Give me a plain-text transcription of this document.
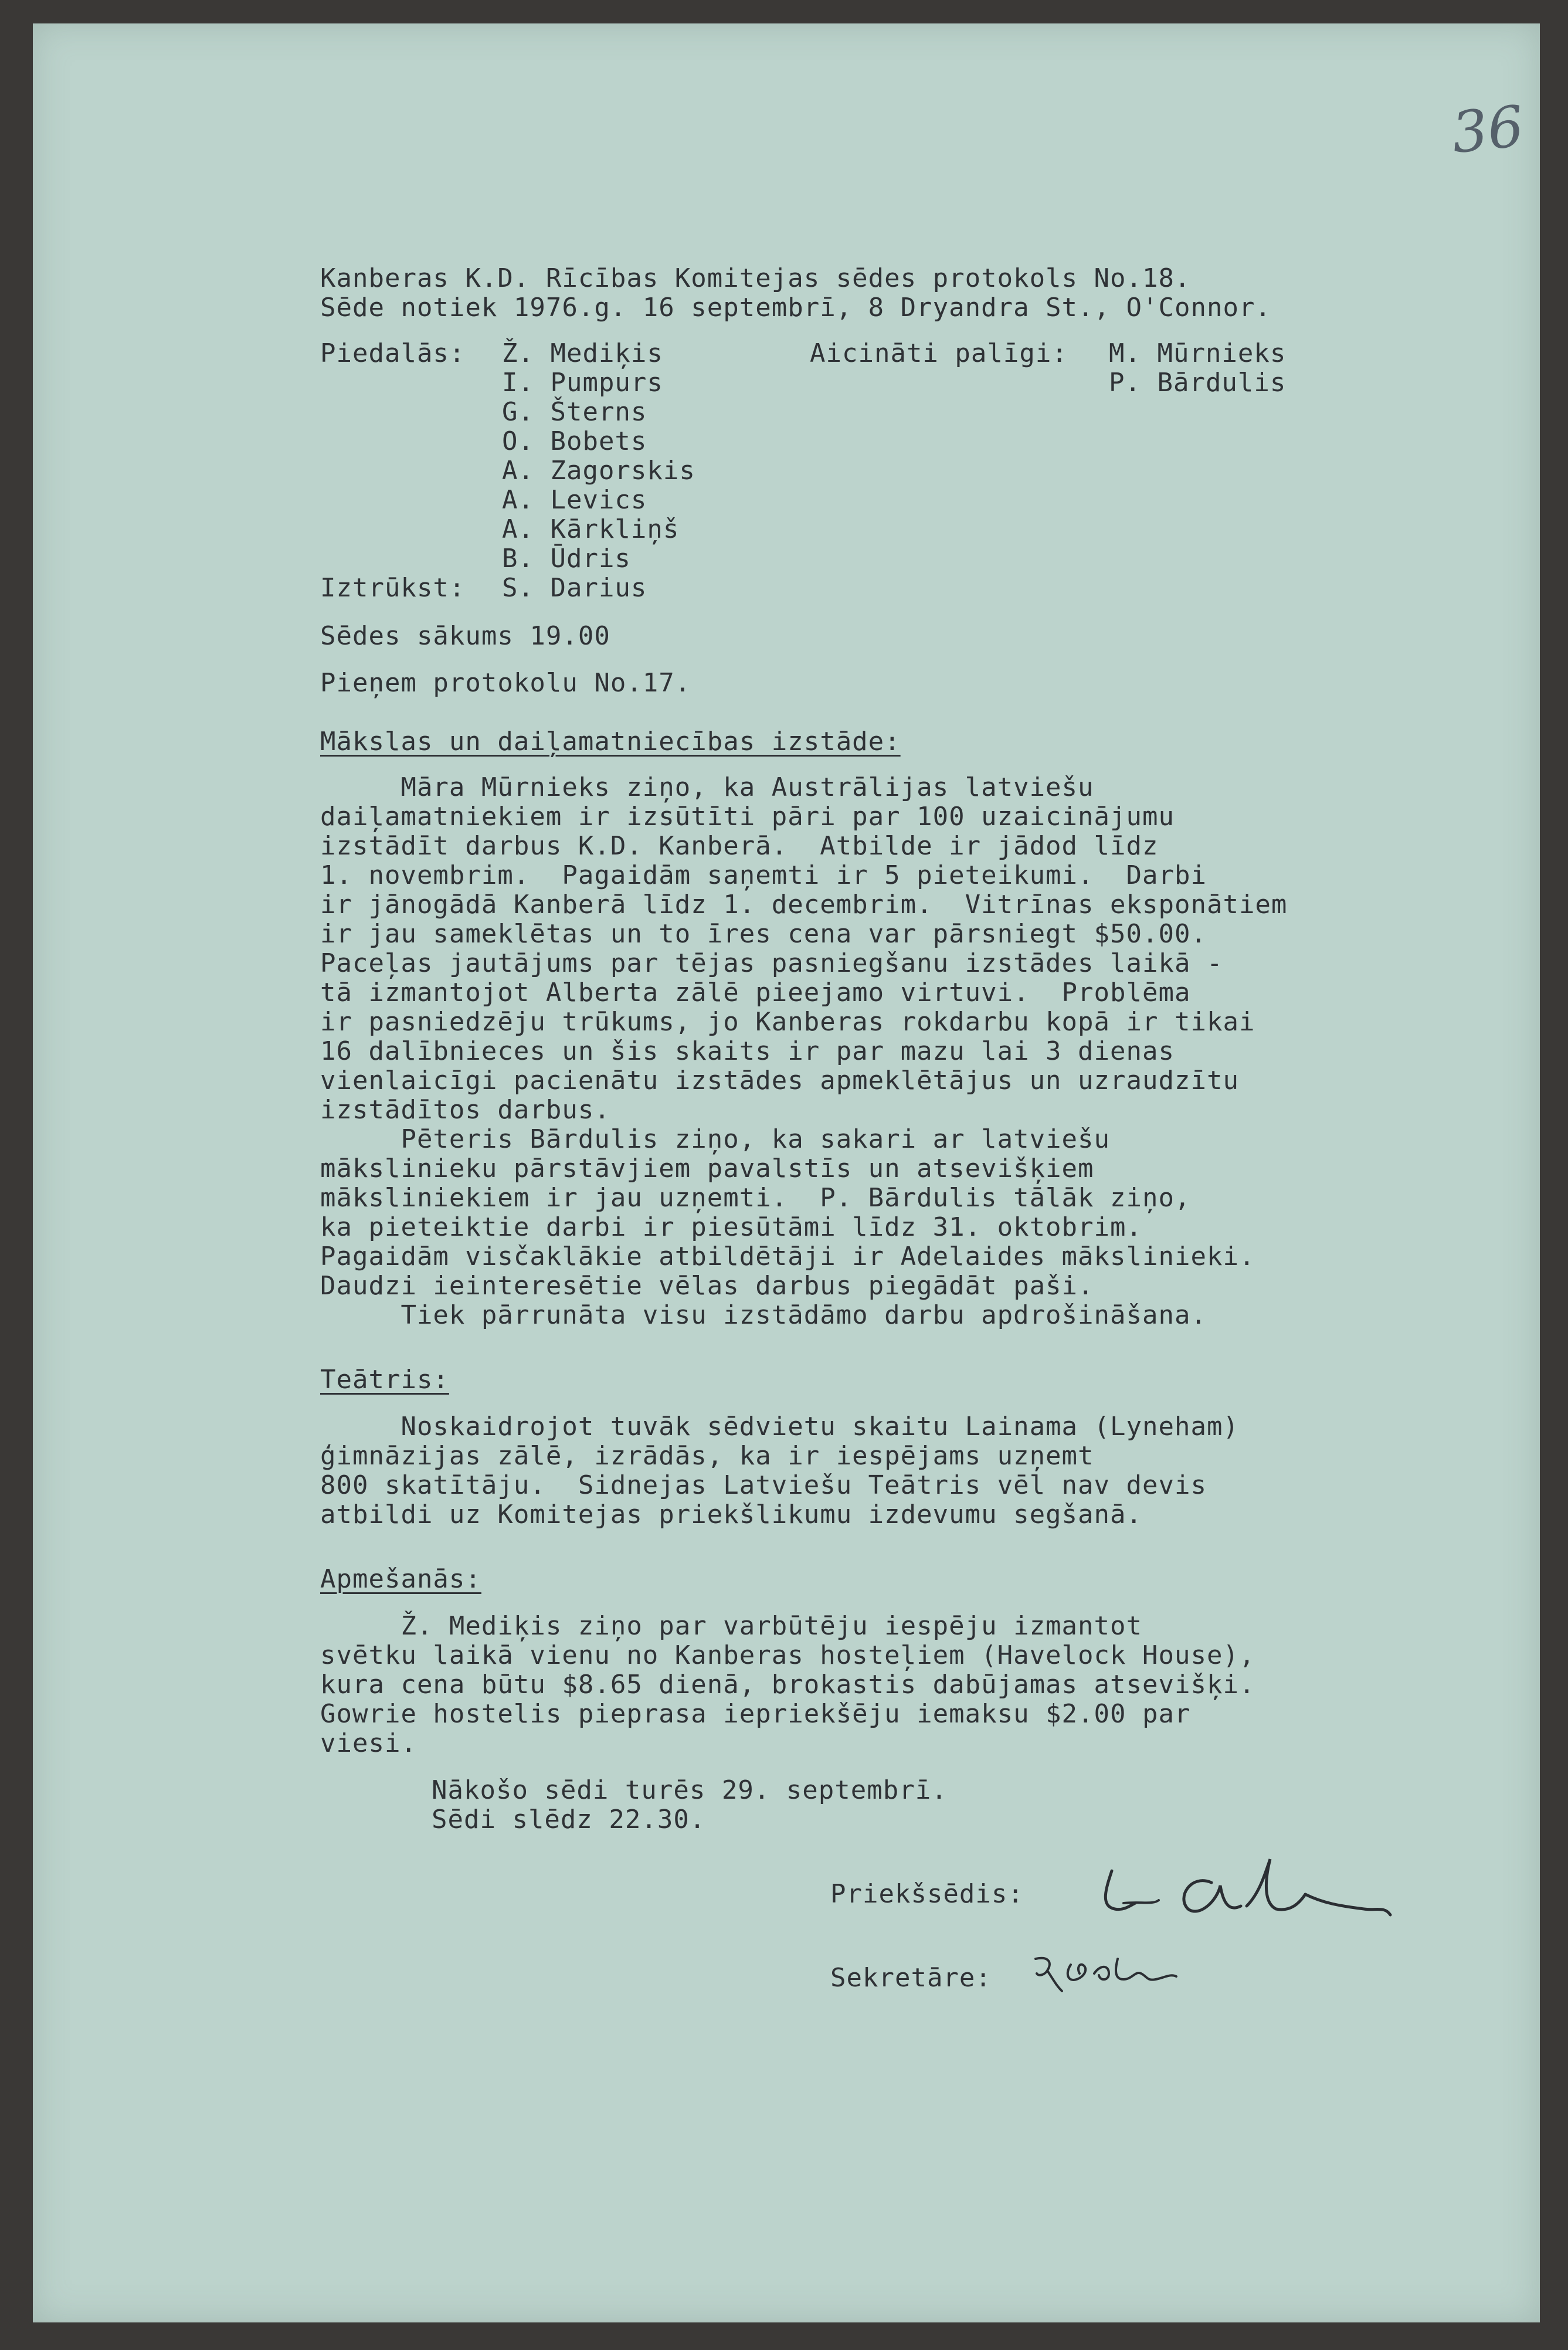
36
Kanberas K.D. Rīcības Komitejas sēdes protokols No.18.
Sēde notiek 1976.g. 16 septembrī, 8 Dryandra St., O'Connor.
Piedalās: Ž. Mediķis
I. Pumpurs
G. Šterns
O. Bobets
A. Zagorskis
A. Levics
A. Kārkliņš
B. Ūdris
Aicināti palīgi: M. Mūrnieks
P. Bārdulis
Iztrūkst: S. Darius
Sēdes sākums 19.00
Pieņem protokolu No.17.
Mākslas un daiļamatniecības izstāde:
Māra Mūrnieks ziņo, ka Austrālijas latviešu
daiļamatniekiem ir izsūtīti pāri par 100 uzaicinājumu
izstādīt darbus K.D. Kanberā.  Atbilde ir jādod līdz
1. novembrim.  Pagaidām saņemti ir 5 pieteikumi.  Darbi
ir jānogādā Kanberā līdz 1. decembrim.  Vitrīnas eksponātiem
ir jau sameklētas un to īres cena var pārsniegt $50.00.
Paceļas jautājums par tējas pasniegšanu izstādes laikā -
tā izmantojot Alberta zālē pieejamo virtuvi.  Problēma
ir pasniedzēju trūkums, jo Kanberas rokdarbu kopā ir tikai
16 dalībnieces un šis skaits ir par mazu lai 3 dienas
vienlaicīgi pacienātu izstādes apmeklētājus un uzraudzītu
izstādītos darbus.
Pēteris Bārdulis ziņo, ka sakari ar latviešu
mākslinieku pārstāvjiem pavalstīs un atsevišķiem
māksliniekiem ir jau uzņemti.  P. Bārdulis tālāk ziņo,
ka pieteiktie darbi ir piesūtāmi līdz 31. oktobrim.
Pagaidām visčaklākie atbildētāji ir Adelaides mākslinieki.
Daudzi ieinteresētie vēlas darbus piegādāt paši.
Tiek pārrunāta visu izstādāmo darbu apdrošināšana.
Teātris:
Noskaidrojot tuvāk sēdvietu skaitu Lainama (Lyneham)
ģimnāzijas zālē, izrādās, ka ir iespējams uzņemt
800 skatītāju.  Sidnejas Latviešu Teātris vēl nav devis
atbildi uz Komitejas priekšlikumu izdevumu segšanā.
Apmešanās:
Ž. Mediķis ziņo par varbūtēju iespēju izmantot
svētku laikā vienu no Kanberas hosteļiem (Havelock House),
kura cena būtu $8.65 dienā, brokastis dabūjamas atsevišķi.
Gowrie hostelis pieprasa iepriekšēju iemaksu $2.00 par
viesi.
Nākošo sēdi turēs 29. septembrī.
Sēdi slēdz 22.30.
Priekšsēdis:
Sekretāre:
